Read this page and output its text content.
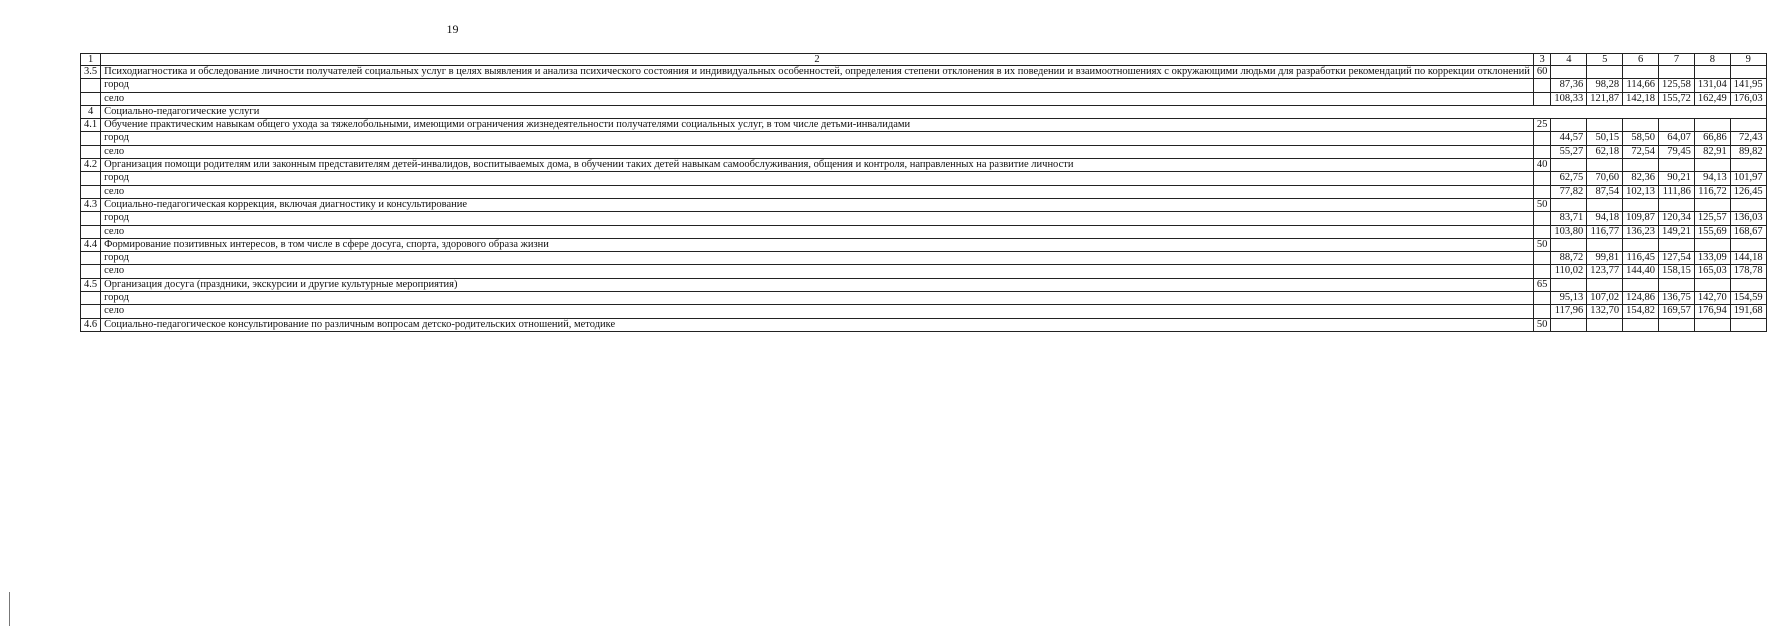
19
1	2	3	4	5	6	7	8	9
3.5	Психодиагностика и обследование личности получателей социальных услуг в целях выявления и анализа психического состояния и индивидуальных особенностей, определения степени отклонения в их поведении и взаимоотношениях с окружающими людьми для разработки рекомендаций по коррекции отклонений	60						
	город		87,36	98,28	114,66	125,58	131,04	141,95
	село		108,33	121,87	142,18	155,72	162,49	176,03
4	Социально-педагогические услуги							
4.1	Обучение практическим навыкам общего ухода за тяжелобольными, имеющими ограничения жизнедеятельности получателями социальных услуг, в том числе детьми-инвалидами	25						
	город		44,57	50,15	58,50	64,07	66,86	72,43
	село		55,27	62,18	72,54	79,45	82,91	89,82
4.2	Организация помощи родителям или законным представителям детей-инвалидов, воспитываемых дома, в обучении таких детей навыкам самообслуживания, общения и контроля, направленных на развитие личности	40						
	город		62,75	70,60	82,36	90,21	94,13	101,97
	село		77,82	87,54	102,13	111,86	116,72	126,45
4.3	Социально-педагогическая коррекция, включая диагностику и консультирование	50						
	город		83,71	94,18	109,87	120,34	125,57	136,03
	село		103,80	116,77	136,23	149,21	155,69	168,67
4.4	Формирование позитивных интересов, в том числе в сфере досуга, спорта, здорового образа жизни	50						
	город		88,72	99,81	116,45	127,54	133,09	144,18
	село		110,02	123,77	144,40	158,15	165,03	178,78
4.5	Организация досуга (праздники, экскурсии и другие культурные мероприятия)	65						
	город		95,13	107,02	124,86	136,75	142,70	154,59
	село		117,96	132,70	154,82	169,57	176,94	191,68
4.6	Социально-педагогическое консультирование по различным вопросам детско-родительских отношений, методике	50						
